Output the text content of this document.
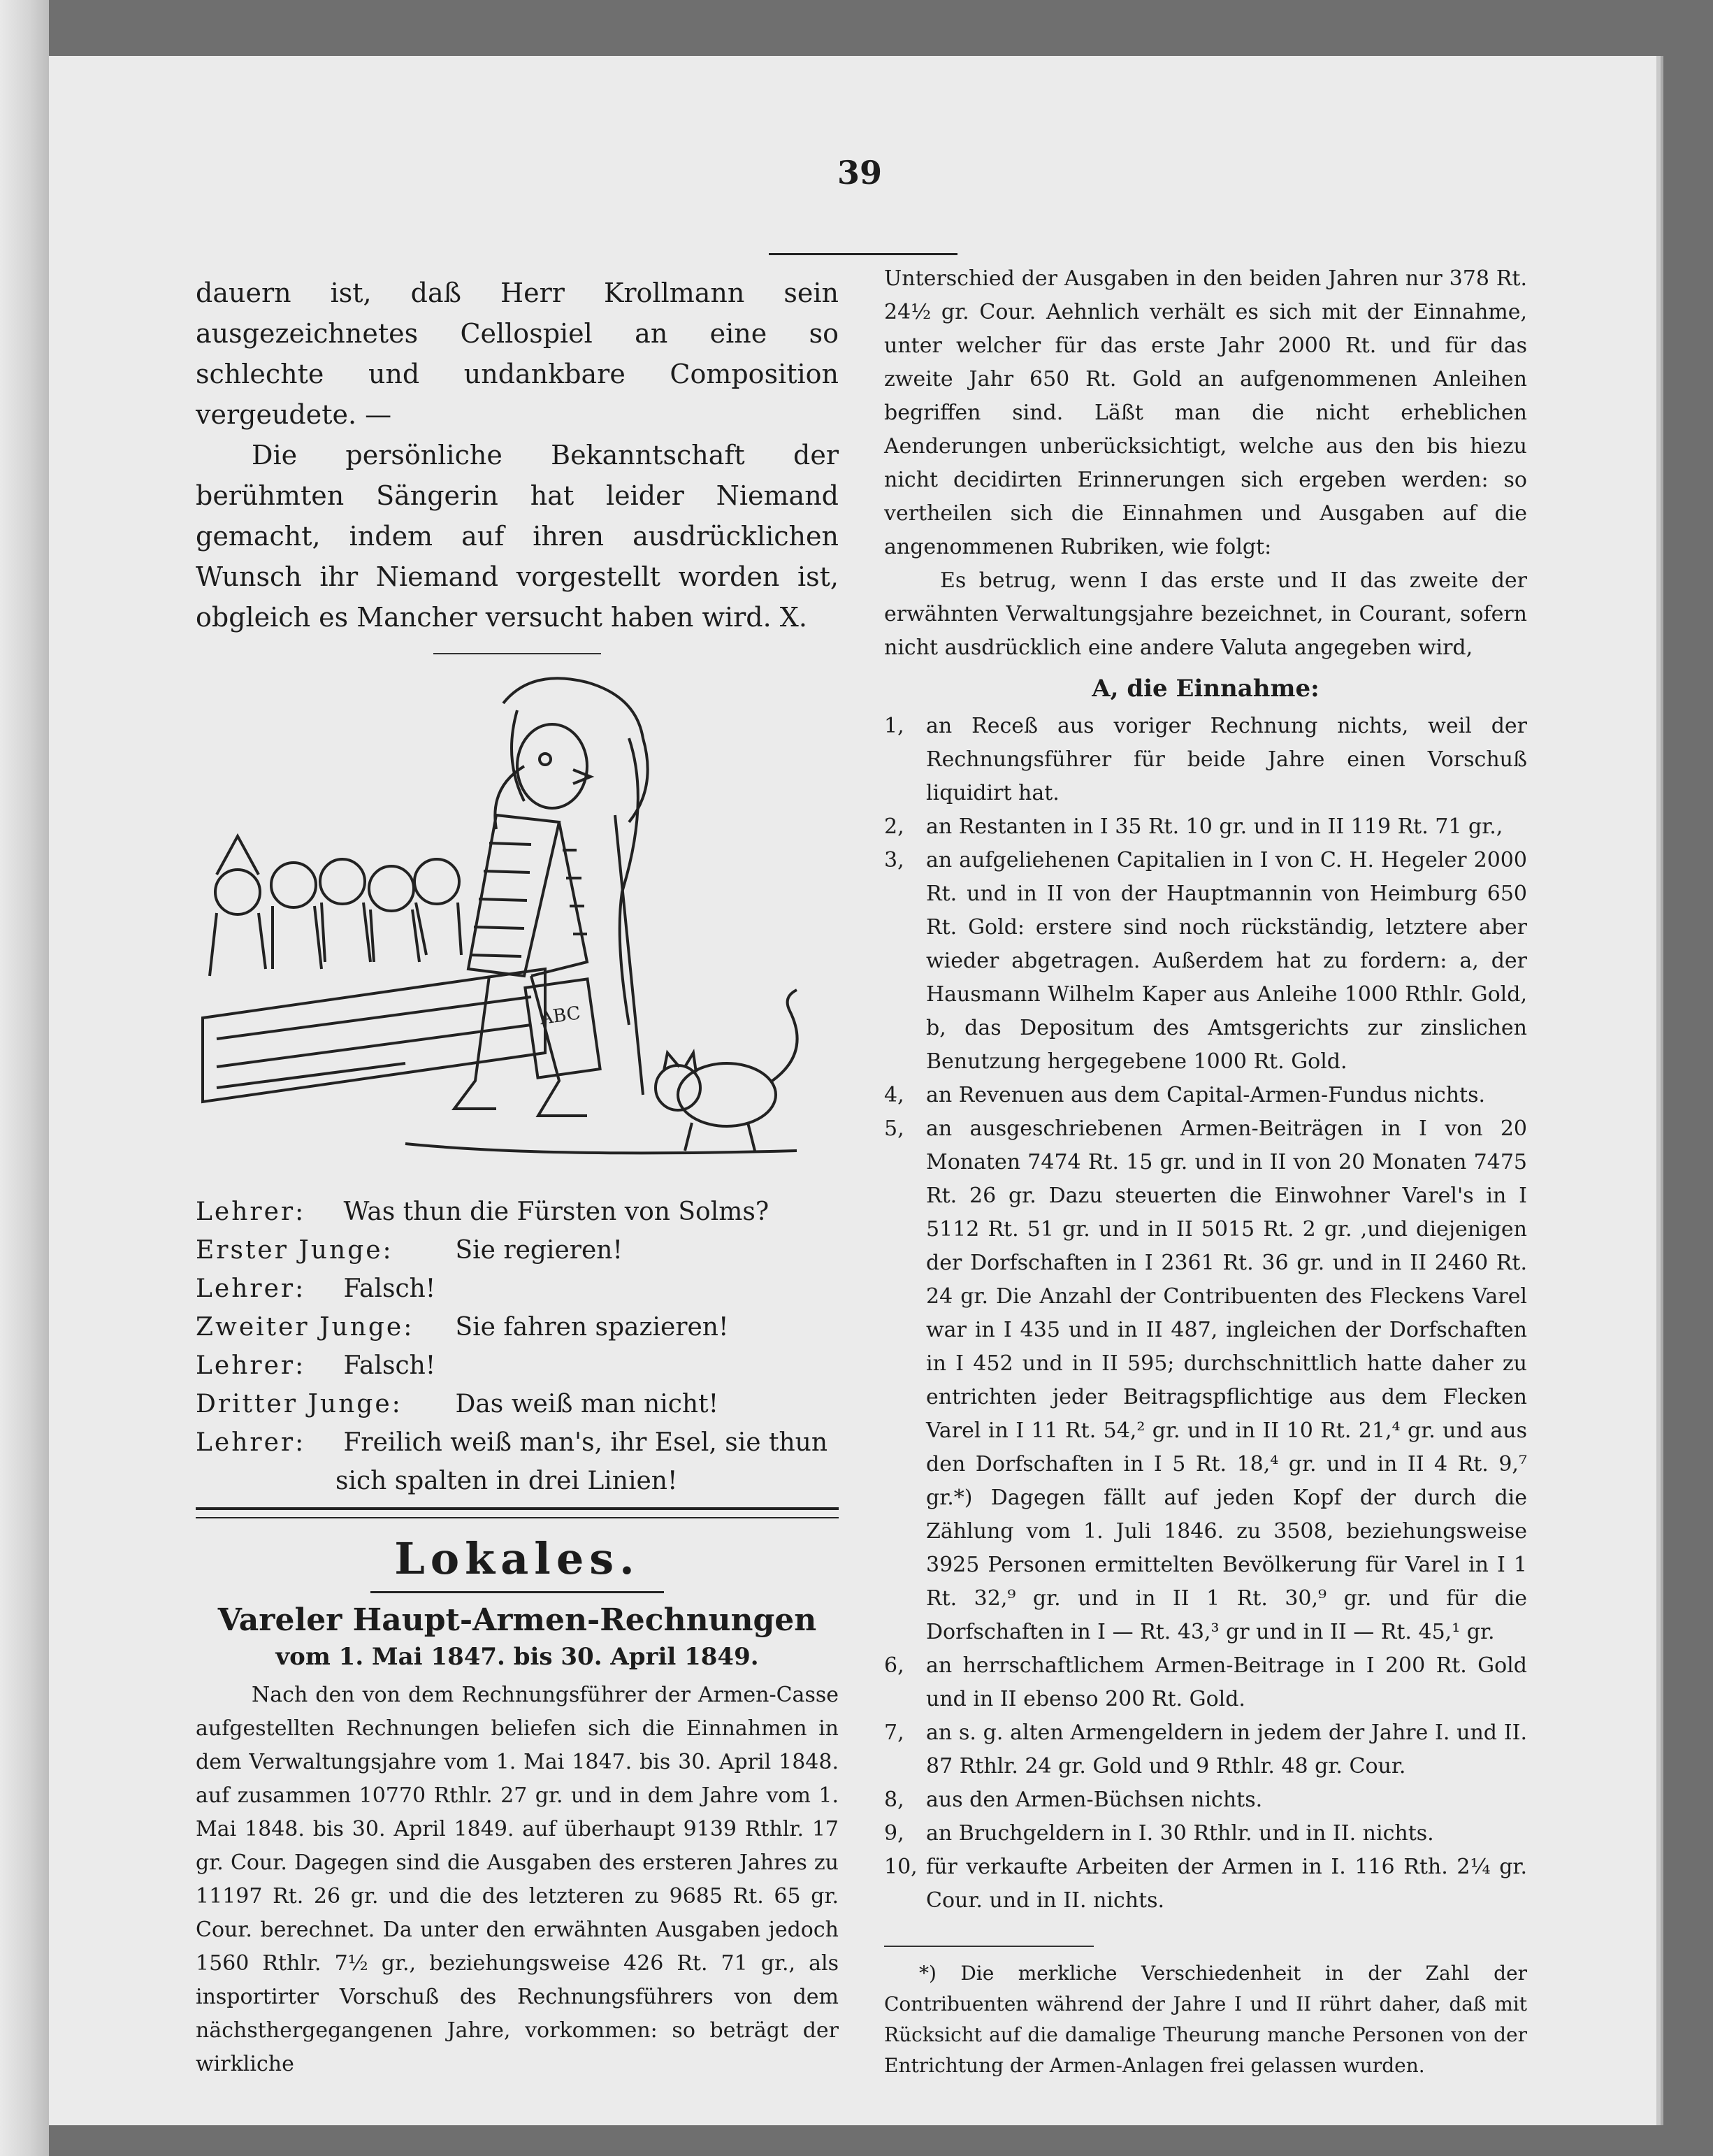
39

dauern ist, daß Herr Krollmann sein ausgezeichnetes Cellospiel an eine so schlechte und undankbare Composition vergeudete. —

Die persönliche Bekanntschaft der berühmten Sängerin hat leider Niemand gemacht, indem auf ihren ausdrücklichen Wunsch ihr Niemand vorgestellt worden ist, obgleich es Mancher versucht haben wird. X.

ABC
Lehrer: Was thun die Fürsten von Solms?
Erster Junge: Sie regieren!
Lehrer: Falsch!
Zweiter Junge: Sie fahren spazieren!
Lehrer: Falsch!
Dritter Junge: Das weiß man nicht!
Lehrer: Freilich weiß man's, ihr Esel, sie thun
sich spalten in drei Linien!
Lokales.
Vareler Haupt-Armen-Rechnungen
vom 1. Mai 1847. bis 30. April 1849.

Nach den von dem Rechnungsführer der Armen-Casse aufgestellten Rechnungen beliefen sich die Einnahmen in dem Verwaltungsjahre vom 1. Mai 1847. bis 30. April 1848. auf zusammen 10770 Rthlr. 27 gr. und in dem Jahre vom 1. Mai 1848. bis 30. April 1849. auf überhaupt 9139 Rthlr. 17 gr. Cour. Dagegen sind die Ausgaben des ersteren Jahres zu 11197 Rt. 26 gr. und die des letzteren zu 9685 Rt. 65 gr. Cour. berechnet. Da unter den erwähnten Ausgaben jedoch 1560 Rthlr. 7½ gr., beziehungsweise 426 Rt. 71 gr., als insportirter Vorschuß des Rechnungsführers von dem nächsthergegangenen Jahre, vorkommen: so beträgt der wirkliche

Unterschied der Ausgaben in den beiden Jahren nur 378 Rt. 24½ gr. Cour. Aehnlich verhält es sich mit der Einnahme, unter welcher für das erste Jahr 2000 Rt. und für das zweite Jahr 650 Rt. Gold an aufgenommenen Anleihen begriffen sind. Läßt man die nicht erheblichen Aenderungen unberücksichtigt, welche aus den bis hiezu nicht decidirten Erinnerungen sich ergeben werden: so vertheilen sich die Einnahmen und Ausgaben auf die angenommenen Rubriken, wie folgt:

Es betrug, wenn I das erste und II das zweite der erwähnten Verwaltungsjahre bezeichnet, in Courant, sofern nicht ausdrücklich eine andere Valuta angegeben wird,

A, die Einnahme:
1,	an Receß aus voriger Rechnung nichts, weil der Rechnungsführer für beide Jahre einen Vorschuß liquidirt hat.
2,	an Restanten in I 35 Rt. 10 gr. und in II 119 Rt. 71 gr.,
3,	an aufgeliehenen Capitalien in I von C. H. Hegeler 2000 Rt. und in II von der Hauptmannin von Heimburg 650 Rt. Gold: erstere sind noch rückständig, letztere aber wieder abgetragen. Außerdem hat zu fordern: a, der Hausmann Wilhelm Kaper aus Anleihe 1000 Rthlr. Gold, b, das Depositum des Amtsgerichts zur zinslichen Benutzung hergegebene 1000 Rt. Gold.
4,	an Revenuen aus dem Capital-Armen-Fundus nichts.
5,	an ausgeschriebenen Armen-Beiträgen in I von 20 Monaten 7474 Rt. 15 gr. und in II von 20 Monaten 7475 Rt. 26 gr. Dazu steuerten die Einwohner Varel's in I 5112 Rt. 51 gr. und in II 5015 Rt. 2 gr. ,und diejenigen der Dorfschaften in I 2361 Rt. 36 gr. und in II 2460 Rt. 24 gr. Die Anzahl der Contribuenten des Fleckens Varel war in I 435 und in II 487, ingleichen der Dorfschaften in I 452 und in II 595; durchschnittlich hatte daher zu entrichten jeder Beitragspflichtige aus dem Flecken Varel in I 11 Rt. 54,² gr. und in II 10 Rt. 21,⁴ gr. und aus den Dorfschaften in I 5 Rt. 18,⁴ gr. und in II 4 Rt. 9,⁷ gr.*) Dagegen fällt auf jeden Kopf der durch die Zählung vom 1. Juli 1846. zu 3508, beziehungsweise 3925 Personen ermittelten Bevölkerung für Varel in I 1 Rt. 32,⁹ gr. und in II 1 Rt. 30,⁹ gr. und für die Dorfschaften in I — Rt. 43,³ gr und in II — Rt. 45,¹ gr.
6,	an herrschaftlichem Armen-Beitrage in I 200 Rt. Gold und in II ebenso 200 Rt. Gold.
7,	an s. g. alten Armengeldern in jedem der Jahre I. und II. 87 Rthlr. 24 gr. Gold und 9 Rthlr. 48 gr. Cour.
8,	aus den Armen-Büchsen nichts.
9,	an Bruchgeldern in I. 30 Rthlr. und in II. nichts.
10, für verkaufte Arbeiten der Armen in I. 116 Rth. 2¼ gr. Cour. und in II. nichts.

*) Die merkliche Verschiedenheit in der Zahl der Contribuenten während der Jahre I und II rührt daher, daß mit Rücksicht auf die damalige Theurung manche Personen von der Entrichtung der Armen-Anlagen frei gelassen wurden.
